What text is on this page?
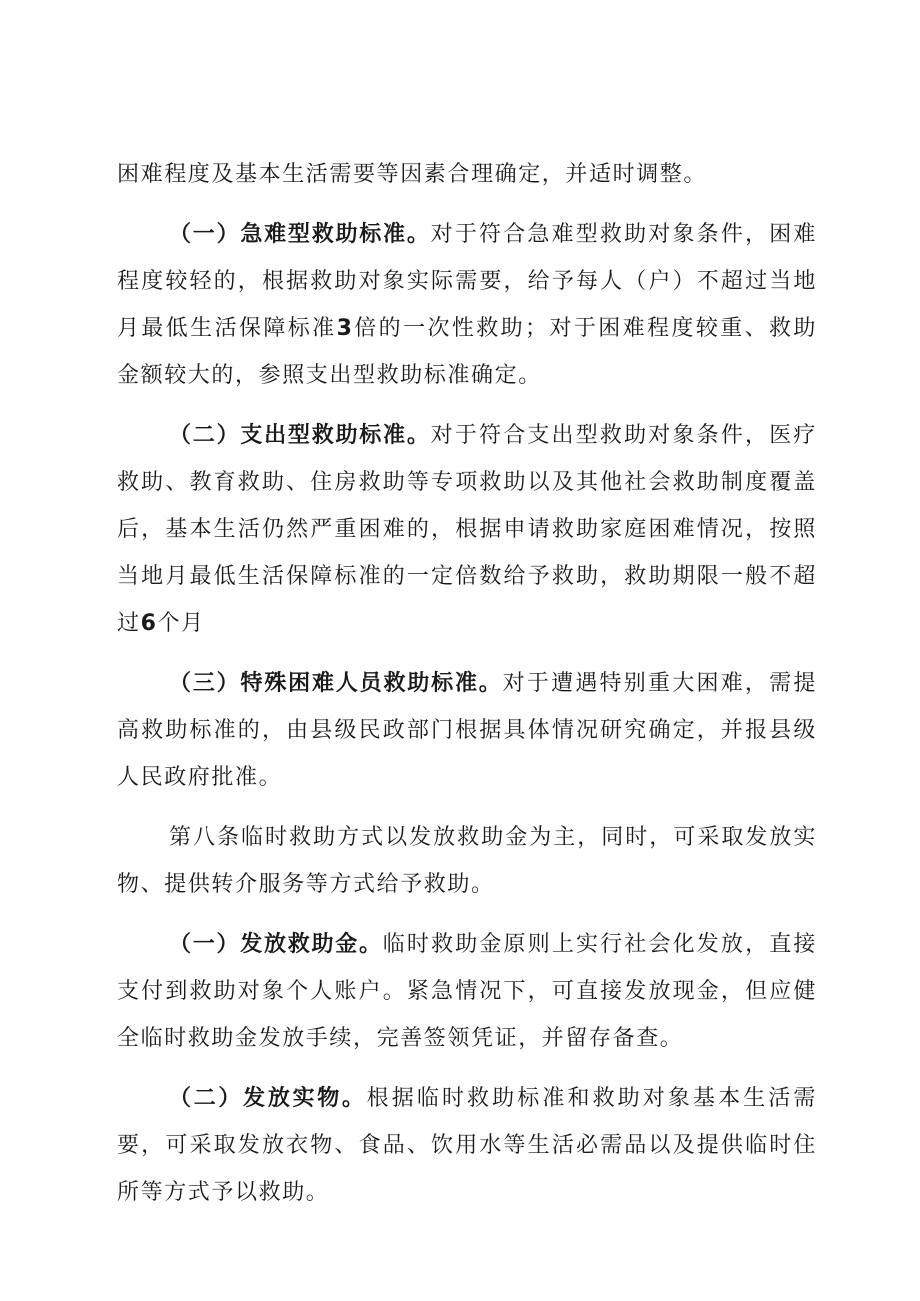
困难程度及基本生活需要等因素合理确定，并适时调整。

（一）急难型救助标准。对于符合急难型救助对象条件，困难程度较轻的，根据救助对象实际需要，给予每人（户）不超过当地月最低生活保障标准3倍的一次性救助；对于困难程度较重、救助金额较大的，参照支出型救助标准确定。

（二）支出型救助标准。对于符合支出型救助对象条件，医疗救助、教育救助、住房救助等专项救助以及其他社会救助制度覆盖后，基本生活仍然严重困难的，根据申请救助家庭困难情况，按照当地月最低生活保障标准的一定倍数给予救助，救助期限一般不超过6个月

（三）特殊困难人员救助标准。对于遭遇特别重大困难，需提高救助标准的，由县级民政部门根据具体情况研究确定，并报县级人民政府批准。

第八条临时救助方式以发放救助金为主，同时，可采取发放实物、提供转介服务等方式给予救助。

（一）发放救助金。临时救助金原则上实行社会化发放，直接支付到救助对象个人账户。紧急情况下，可直接发放现金，但应健全临时救助金发放手续，完善签领凭证，并留存备查。

（二）发放实物。根据临时救助标准和救助对象基本生活需要，可采取发放衣物、食品、饮用水等生活必需品以及提供临时住所等方式予以救助。
